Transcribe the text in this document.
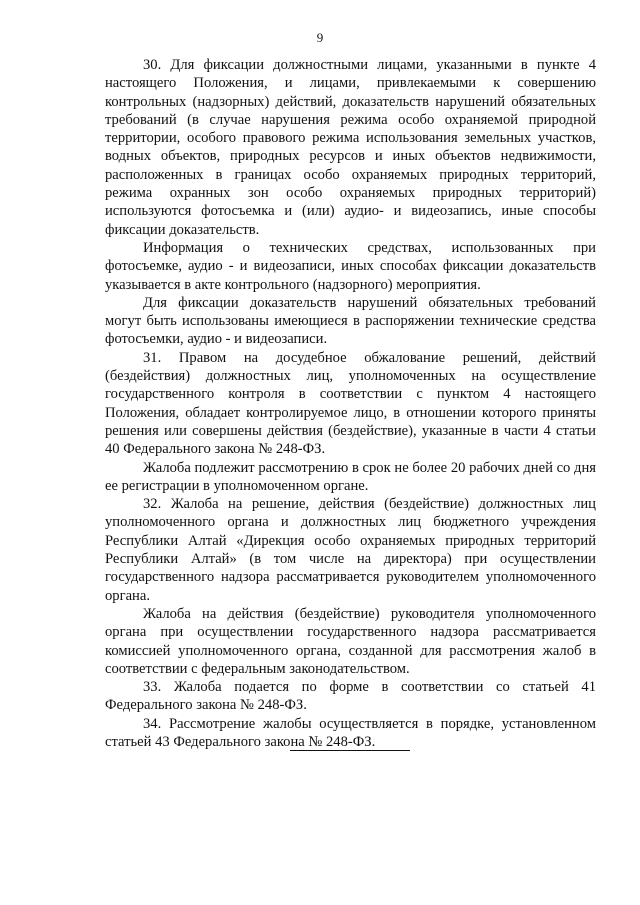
9

30. Для фиксации должностными лицами, указанными в пункте 4 настоящего Положения, и лицами, привлекаемыми к совершению контрольных (надзорных) действий, доказательств нарушений обязательных требований (в случае нарушения режима особо охраняемой природной территории, особого правового режима использования земельных участков, водных объектов, природных ресурсов и иных объектов недвижимости, расположенных в границах особо охраняемых природных территорий, режима охранных зон особо охраняемых природных территорий) используются фотосъемка и (или) аудио- и видеозапись, иные способы фиксации доказательств.

Информация о технических средствах, использованных при фотосъемке, аудио - и видеозаписи, иных способах фиксации доказательств указывается в акте контрольного (надзорного) мероприятия.

Для фиксации доказательств нарушений обязательных требований могут быть использованы имеющиеся в распоряжении технические средства фотосъемки, аудио - и видеозаписи.

31. Правом на досудебное обжалование решений, действий (бездействия) должностных лиц, уполномоченных на осуществление государственного контроля в соответствии с пунктом 4 настоящего Положения, обладает контролируемое лицо, в отношении которого приняты решения или совершены действия (бездействие), указанные в части 4 статьи 40 Федерального закона № 248-ФЗ.

Жалоба подлежит рассмотрению в срок не более 20 рабочих дней со дня ее регистрации в уполномоченном органе.

32. Жалоба на решение, действия (бездействие) должностных лиц уполномоченного органа и должностных лиц бюджетного учреждения Республики Алтай «Дирекция особо охраняемых природных территорий Республики Алтай» (в том числе на директора) при осуществлении государственного надзора рассматривается руководителем уполномоченного органа.

Жалоба на действия (бездействие) руководителя уполномоченного органа при осуществлении государственного надзора рассматривается комиссией уполномоченного органа, созданной для рассмотрения жалоб в соответствии с федеральным законодательством.

33. Жалоба подается по форме в соответствии со статьей 41 Федерального закона № 248-ФЗ.

34. Рассмотрение жалобы осуществляется в порядке, установленном статьей 43 Федерального закона № 248-ФЗ.
